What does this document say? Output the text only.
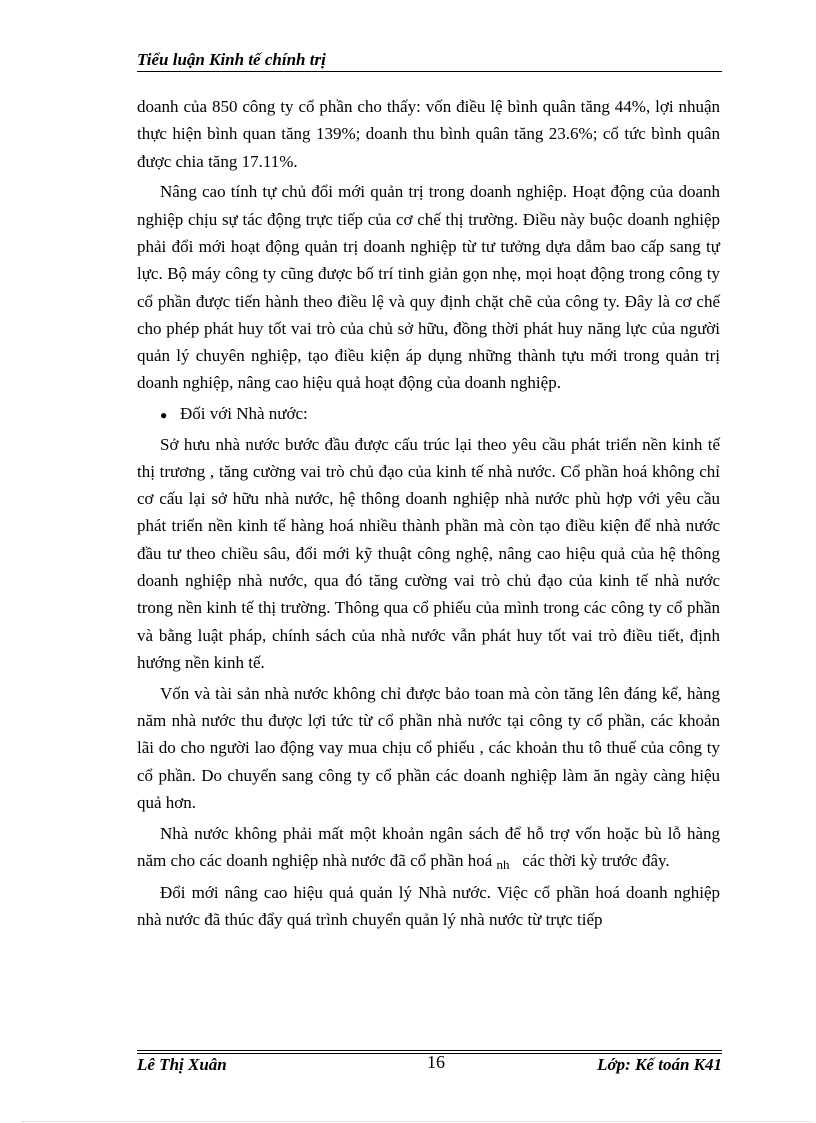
Tiểu luận Kinh tế chính trị

doanh của 850 công ty cổ phần cho thấy: vốn điều lệ bình quân tăng 44%, lợi nhuận thực hiện bình quan tăng 139%; doanh thu bình quân tăng 23.6%; cổ tức bình quân được chia tăng 17.11%.

Nâng cao tính tự chủ đổi mới quản trị trong doanh nghiệp. Hoạt động của doanh nghiệp chịu sự tác động trực tiếp của cơ chế thị trường. Điều này buộc doanh nghiệp phải đổi mới hoạt động quản trị doanh nghiệp từ tư tưởng dựa dẫm bao cấp sang tự lực. Bộ máy công ty cũng được bố trí tinh giản gọn nhẹ, mọi hoạt động trong công ty cổ phần được tiến hành theo điều lệ và quy định chặt chẽ của công ty. Đây là cơ chế cho phép phát huy tốt vai trò của chủ sở hữu, đồng thời phát huy năng lực của người quản lý chuyên nghiệp, tạo điều kiện áp dụng những thành tựu mới trong quản trị doanh nghiệp, nâng cao hiệu quả hoạt động của doanh nghiệp.

● Đối với Nhà nước:

Sở hưu nhà nước bước đầu được cấu trúc lại theo yêu cầu phát triển nền kinh tế thị trương , tăng cường vai trò chủ đạo của kinh tế nhà nước. Cổ phần hoá không chỉ cơ cấu lại sở hữu nhà nước, hệ thông doanh nghiệp nhà nước phù hợp với yêu cầu phát triển nền kinh tế hàng hoá nhiều thành phần mà còn tạo điều kiện để nhà nước đầu tư theo chiều sâu, đổi mới kỹ thuật công nghệ, nâng cao hiệu quả của hệ thông doanh nghiệp nhà nước, qua đó tăng cường vai trò chủ đạo của kinh tế nhà nước trong nền kinh tế thị trường. Thông qua cổ phiếu của mình trong các công ty cổ phần và bằng luật pháp, chính sách của nhà nước vẫn phát huy tốt vai trò điều tiết, định hướng nền kinh tế.

Vốn và tài sản nhà nước không chỉ được bảo toan mà còn tăng lên đáng kể, hàng năm nhà nước thu được lợi tức từ cổ phần nhà nước tại công ty cổ phần, các khoản lãi do cho người lao động vay mua chịu cổ phiếu , các khoản thu tô thuế của công ty cổ phần. Do chuyển sang công ty cổ phần các doanh nghiệp làm ăn ngày càng hiệu quả hơn.

Nhà nước không phải mất một khoản ngân sách để hỗ trợ vốn hoặc bù lỗ hàng năm cho các doanh nghiệp nhà nước đã cổ phần hoá nh các thời kỳ trước đây.

Đổi mới nâng cao hiệu quả quản lý Nhà nước. Việc cổ phần hoá doanh nghiệp nhà nước đã thúc đẩy quá trình chuyển quản lý nhà nước từ trực tiếp

Lê Thị Xuân	16	Lớp: Kế toán K41
